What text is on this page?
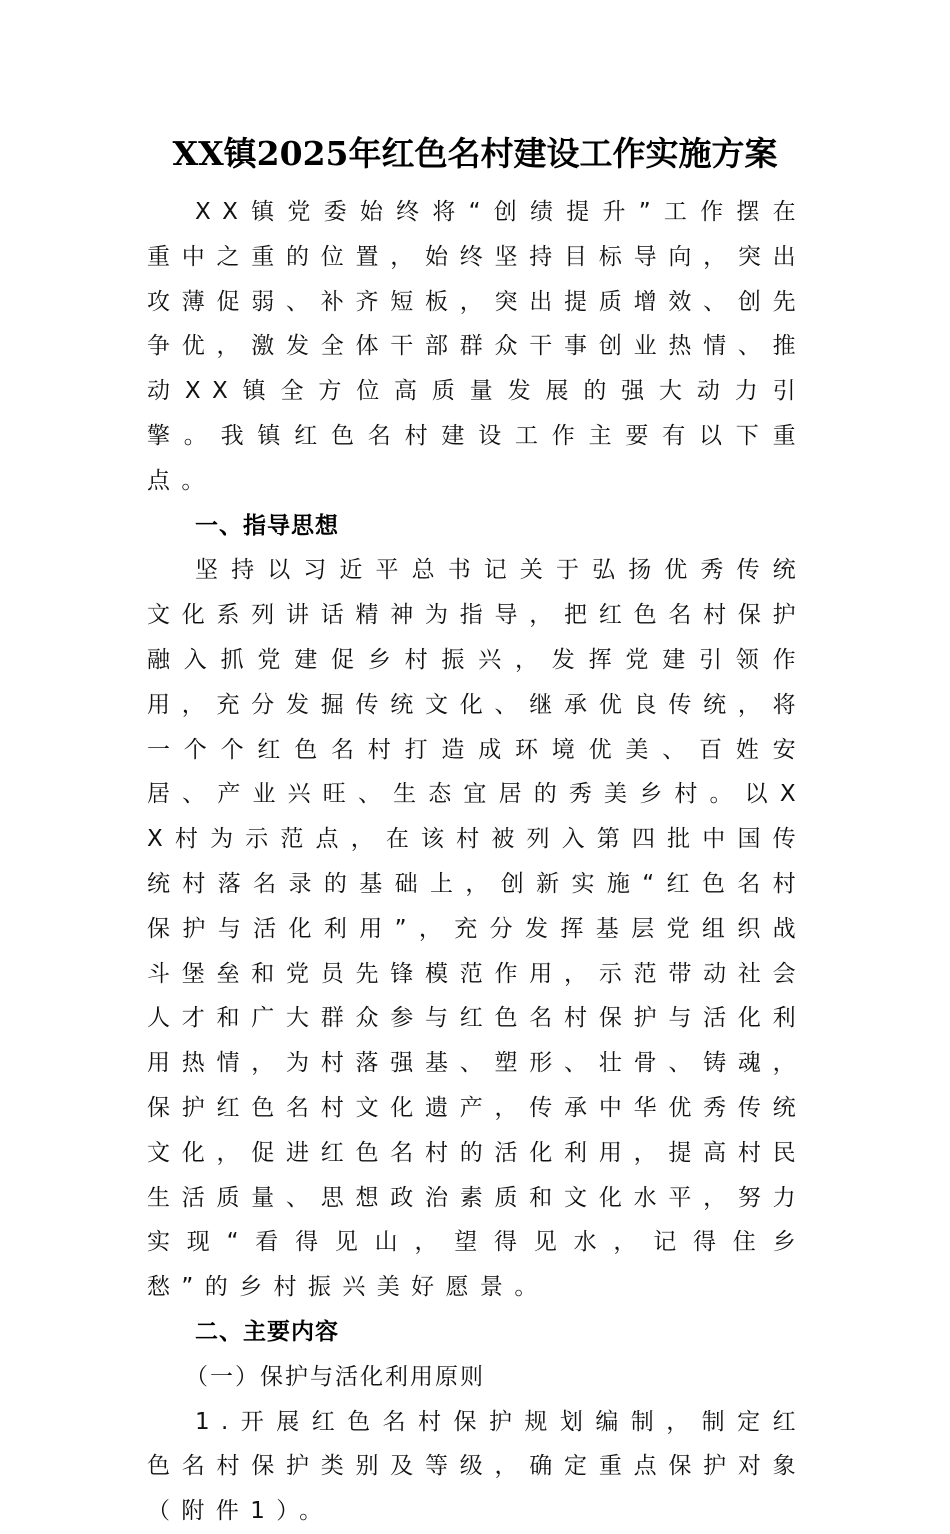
XX镇2025年红色名村建设工作实施方案

XX镇党委始终将“创绩提升”工作摆在重中之重的位置，始终坚持目标导向，突出攻薄促弱、补齐短板，突出提质增效、创先争优，激发全体干部群众干事创业热情、推动XX镇全方位高质量发展的强大动力引擎。我镇红色名村建设工作主要有以下重点。

一、指导思想

坚持以习近平总书记关于弘扬优秀传统文化系列讲话精神为指导，把红色名村保护融入抓党建促乡村振兴，发挥党建引领作用，充分发掘传统文化、继承优良传统，将一个个红色名村打造成环境优美、百姓安居、产业兴旺、生态宜居的秀美乡村。以XX村为示范点，在该村被列入第四批中国传统村落名录的基础上，创新实施“红色名村保护与活化利用”，充分发挥基层党组织战斗堡垒和党员先锋模范作用，示范带动社会人才和广大群众参与红色名村保护与活化利用热情，为村落强基、塑形、壮骨、铸魂，保护红色名村文化遗产，传承中华优秀传统文化，促进红色名村的活化利用，提高村民生活质量、思想政治素质和文化水平，努力实现“看得见山，望得见水，记得住乡愁”的乡村振兴美好愿景。

二、主要内容

（一）保护与活化利用原则

1.开展红色名村保护规划编制，制定红色名村保护类别及等级，确定重点保护对象（附件1）。
